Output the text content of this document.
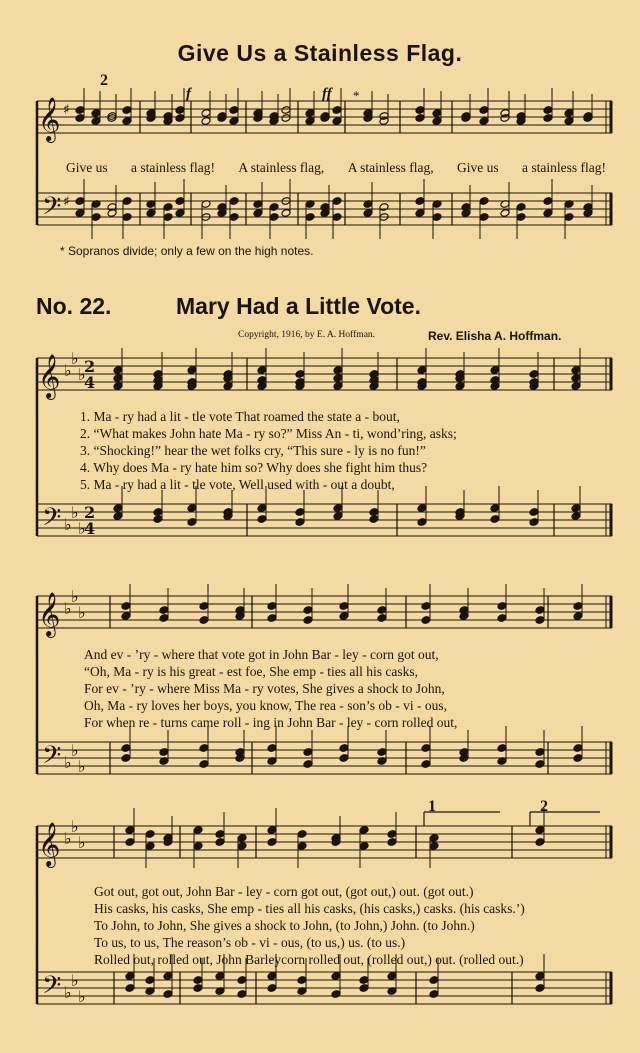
𝄞 ♯
𝄢 ♯
𝄞 ♭
♭
♭
𝄢 ♭
♭
♭
2
4
2
4
𝄞 ♭
♭
♭
𝄢 ♭
♭
♭
𝄞 ♭
♭
♭
𝄢 ♭
♭
♭
Give Us a Stainless Flag.
2
f	ff *
Give us a stainless flag! A stainless flag, A stainless flag, Give us a stainless flag!
* Sopranos divide; only a few on the high notes.
No. 22.	Mary Had a Little Vote.
Copyright, 1916, by E. A. Hoffman.	Rev. Elisha A. Hoffman.
1. Ma - ry had a lit - tle vote That roamed the state a - bout,
2. “What makes John hate Ma - ry so?” Miss An - ti, wond’ring, asks;
3. “Shocking!” hear the wet folks cry, “This sure - ly is no fun!”
4. Why does Ma - ry hate him so? Why does she fight him thus?
5. Ma - ry had a lit - tle vote, Well used with - out a doubt,
And ev - ’ry - where that vote got in John Bar - ley - corn got out,
“Oh, Ma - ry is his great - est foe, She emp - ties all his casks,
For ev - ’ry - where Miss Ma - ry votes, She gives a shock to John,
Oh, Ma - ry loves her boys, you know, The rea - son’s ob - vi - ous,
For when re - turns came roll - ing in John Bar - ley - corn rolled out,
1	2
Got out, got out, John Bar - ley - corn got out, (got out,) out. (got out.)
His casks, his casks, She emp - ties all his casks, (his casks,) casks. (his casks.’)
To John, to John, She gives a shock to John, (to John,) John. (to John.)
To us, to us, The reason’s ob - vi - ous, (to us,) us. (to us.)
Rolled out, rolled out, John Barleycorn rolled out, (rolled out,) out. (rolled out.)
